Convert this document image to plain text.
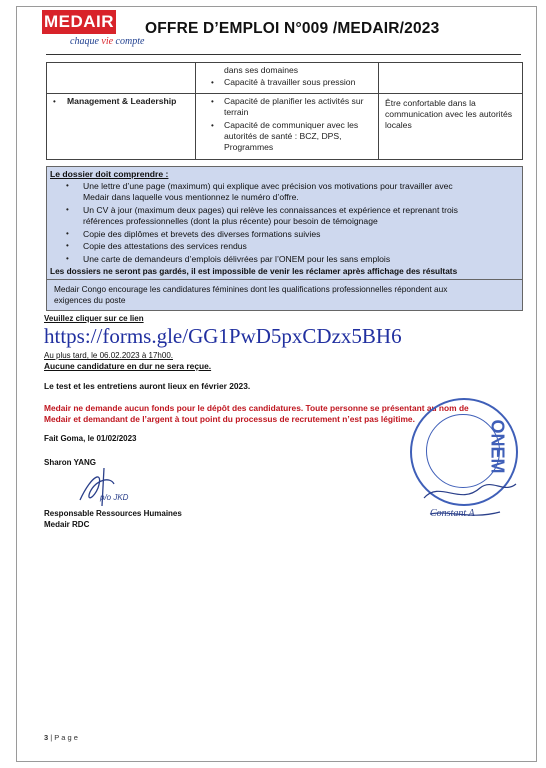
MEDAIR
chaque vie compte
OFFRE D’EMPLOI N°009 /MEDAIR/2023
dans ses domaines
• Capacité à travailler sous pression
• Management & Leadership	• Capacité de planifier les activités sur
terrain
• Capacité de communiquer avec les
autorités de santé : BCZ, DPS,
Programmes
Être confortable dans la
communication avec les autorités
locales
Le dossier doit comprendre :
• Une lettre d’une page (maximum) qui explique avec précision vos motivations pour travailler avec
Medair dans laquelle vous mentionnez le numéro d’offre.
• Un CV à jour (maximum deux pages) qui relève les connaissances et expérience et reprenant trois
références professionnelles (dont la plus récente) pour besoin de témoignage
• Copie des diplômes et brevets des diverses formations suivies
• Copie des attestations des services rendus
• Une carte de demandeurs d’emplois délivrées par l’ONEM pour les sans emplois
Les dossiers ne seront pas gardés, il est impossible de venir les réclamer après affichage des résultats
Medair Congo encourage les candidatures féminines dont les qualifications professionnelles répondent aux
exigences du poste
Veuillez cliquer sur ce lien
https://forms.gle/GG1PwD5pxCDzx5BH6
Au plus tard, le 06.02.2023 à 17h00.
Aucune candidature en dur ne sera reçue.
Le test et les entretiens auront lieux en février 2023.
Medair ne demande aucun fonds pour le dépôt des candidatures. Toute personne se présentant au nom de
Medair et demandant de l’argent à tout point du processus de recrutement n’est pas légitime.
Fait Goma, le 01/02/2023
Sharon YANG
p/o JKD
Responsable Ressources Humaines
Medair RDC
ONEM
Constant A
3 | P a g e
